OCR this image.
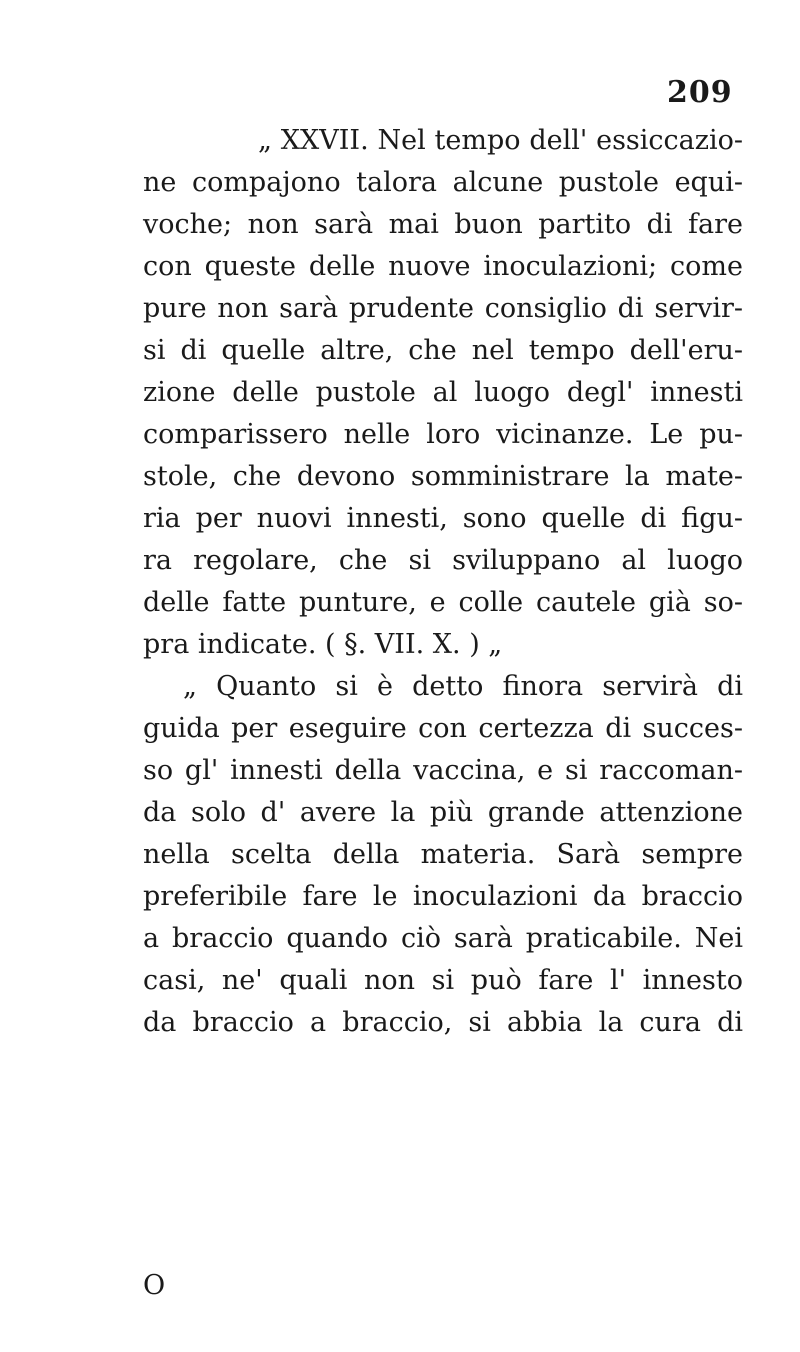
209
„ XXVII. Nel tempo dell' essiccazio-
ne compajono talora alcune pustole equi-
voche; non sarà mai buon partito di fare
con queste delle nuove inoculazioni; come
pure non sarà prudente consiglio di servir-
si di quelle altre, che nel tempo dell'eru-
zione delle pustole al luogo degl' innesti
comparissero nelle loro vicinanze. Le pu-
stole, che devono somministrare la mate-
ria per nuovi innesti, sono quelle di figu-
ra regolare, che si sviluppano al luogo
delle fatte punture, e colle cautele già so-
pra indicate. ( §. VII. X. ) „
„ Quanto si è detto finora servirà di
guida per eseguire con certezza di succes-
so gl' innesti della vaccina, e si raccoman-
da solo d' avere la più grande attenzione
nella scelta della materia. Sarà sempre
preferibile fare le inoculazioni da braccio
a braccio quando ciò sarà praticabile. Nei
casi, ne' quali non si può fare l' innesto
da braccio a braccio, si abbia la cura di
O
